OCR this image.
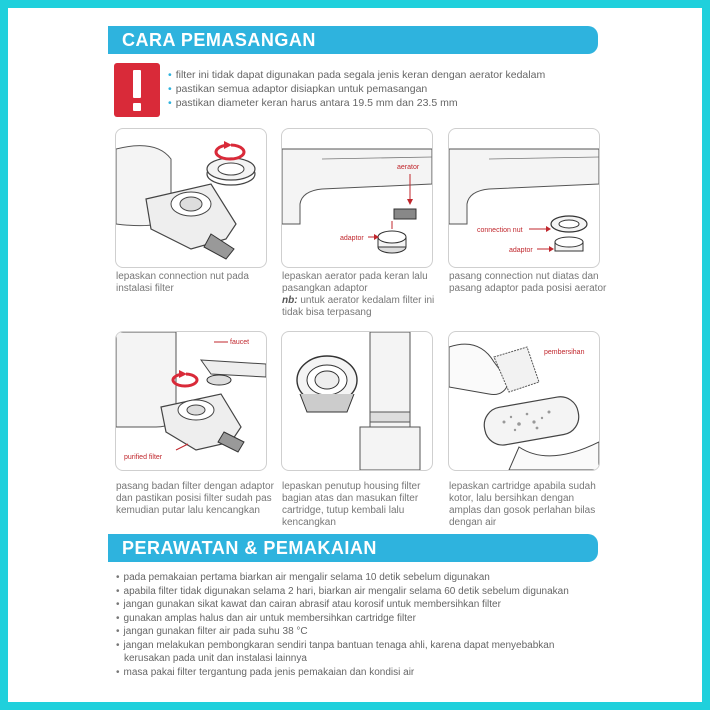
CARA PEMASANGAN
• filter ini tidak dapat digunakan pada segala jenis keran dengan aerator kedalam
• pastikan semua adaptor disiapkan untuk pemasangan
• pastikan diameter keran harus antara 19.5 mm dan 23.5 mm
lepaskan connection nut pada instalasi filter
aerator
adaptor
lepaskan aerator pada keran lalu pasangkan adaptor
nb: untuk aerator kedalam filter ini tidak bisa terpasang
connection nut
adaptor
pasang connection nut diatas dan pasang adaptor pada posisi aerator
faucet
purified filter
pasang badan filter dengan adaptor dan pastikan posisi filter sudah pas kemudian putar lalu kencangkan
lepaskan penutup housing filter bagian atas dan masukan filter cartridge, tutup kembali lalu kencangkan
pembersihan
lepaskan cartridge apabila sudah kotor, lalu bersihkan dengan amplas dan gosok perlahan bilas dengan air
PERAWATAN & PEMAKAIAN
• pada pemakaian pertama biarkan air mengalir selama 10 detik sebelum digunakan
• apabila filter tidak digunakan selama 2 hari, biarkan air mengalir selama 60 detik sebelum digunakan
• jangan gunakan sikat kawat dan cairan abrasif atau korosif untuk membersihkan filter
• gunakan amplas halus dan air untuk membersihkan cartridge filter
• jangan gunakan filter air pada suhu 38 °C
• jangan melakukan pembongkaran sendiri tanpa bantuan tenaga ahli, karena dapat menyebabkan
kerusakan pada unit dan instalasi lainnya
• masa pakai filter tergantung pada jenis pemakaian dan kondisi air
